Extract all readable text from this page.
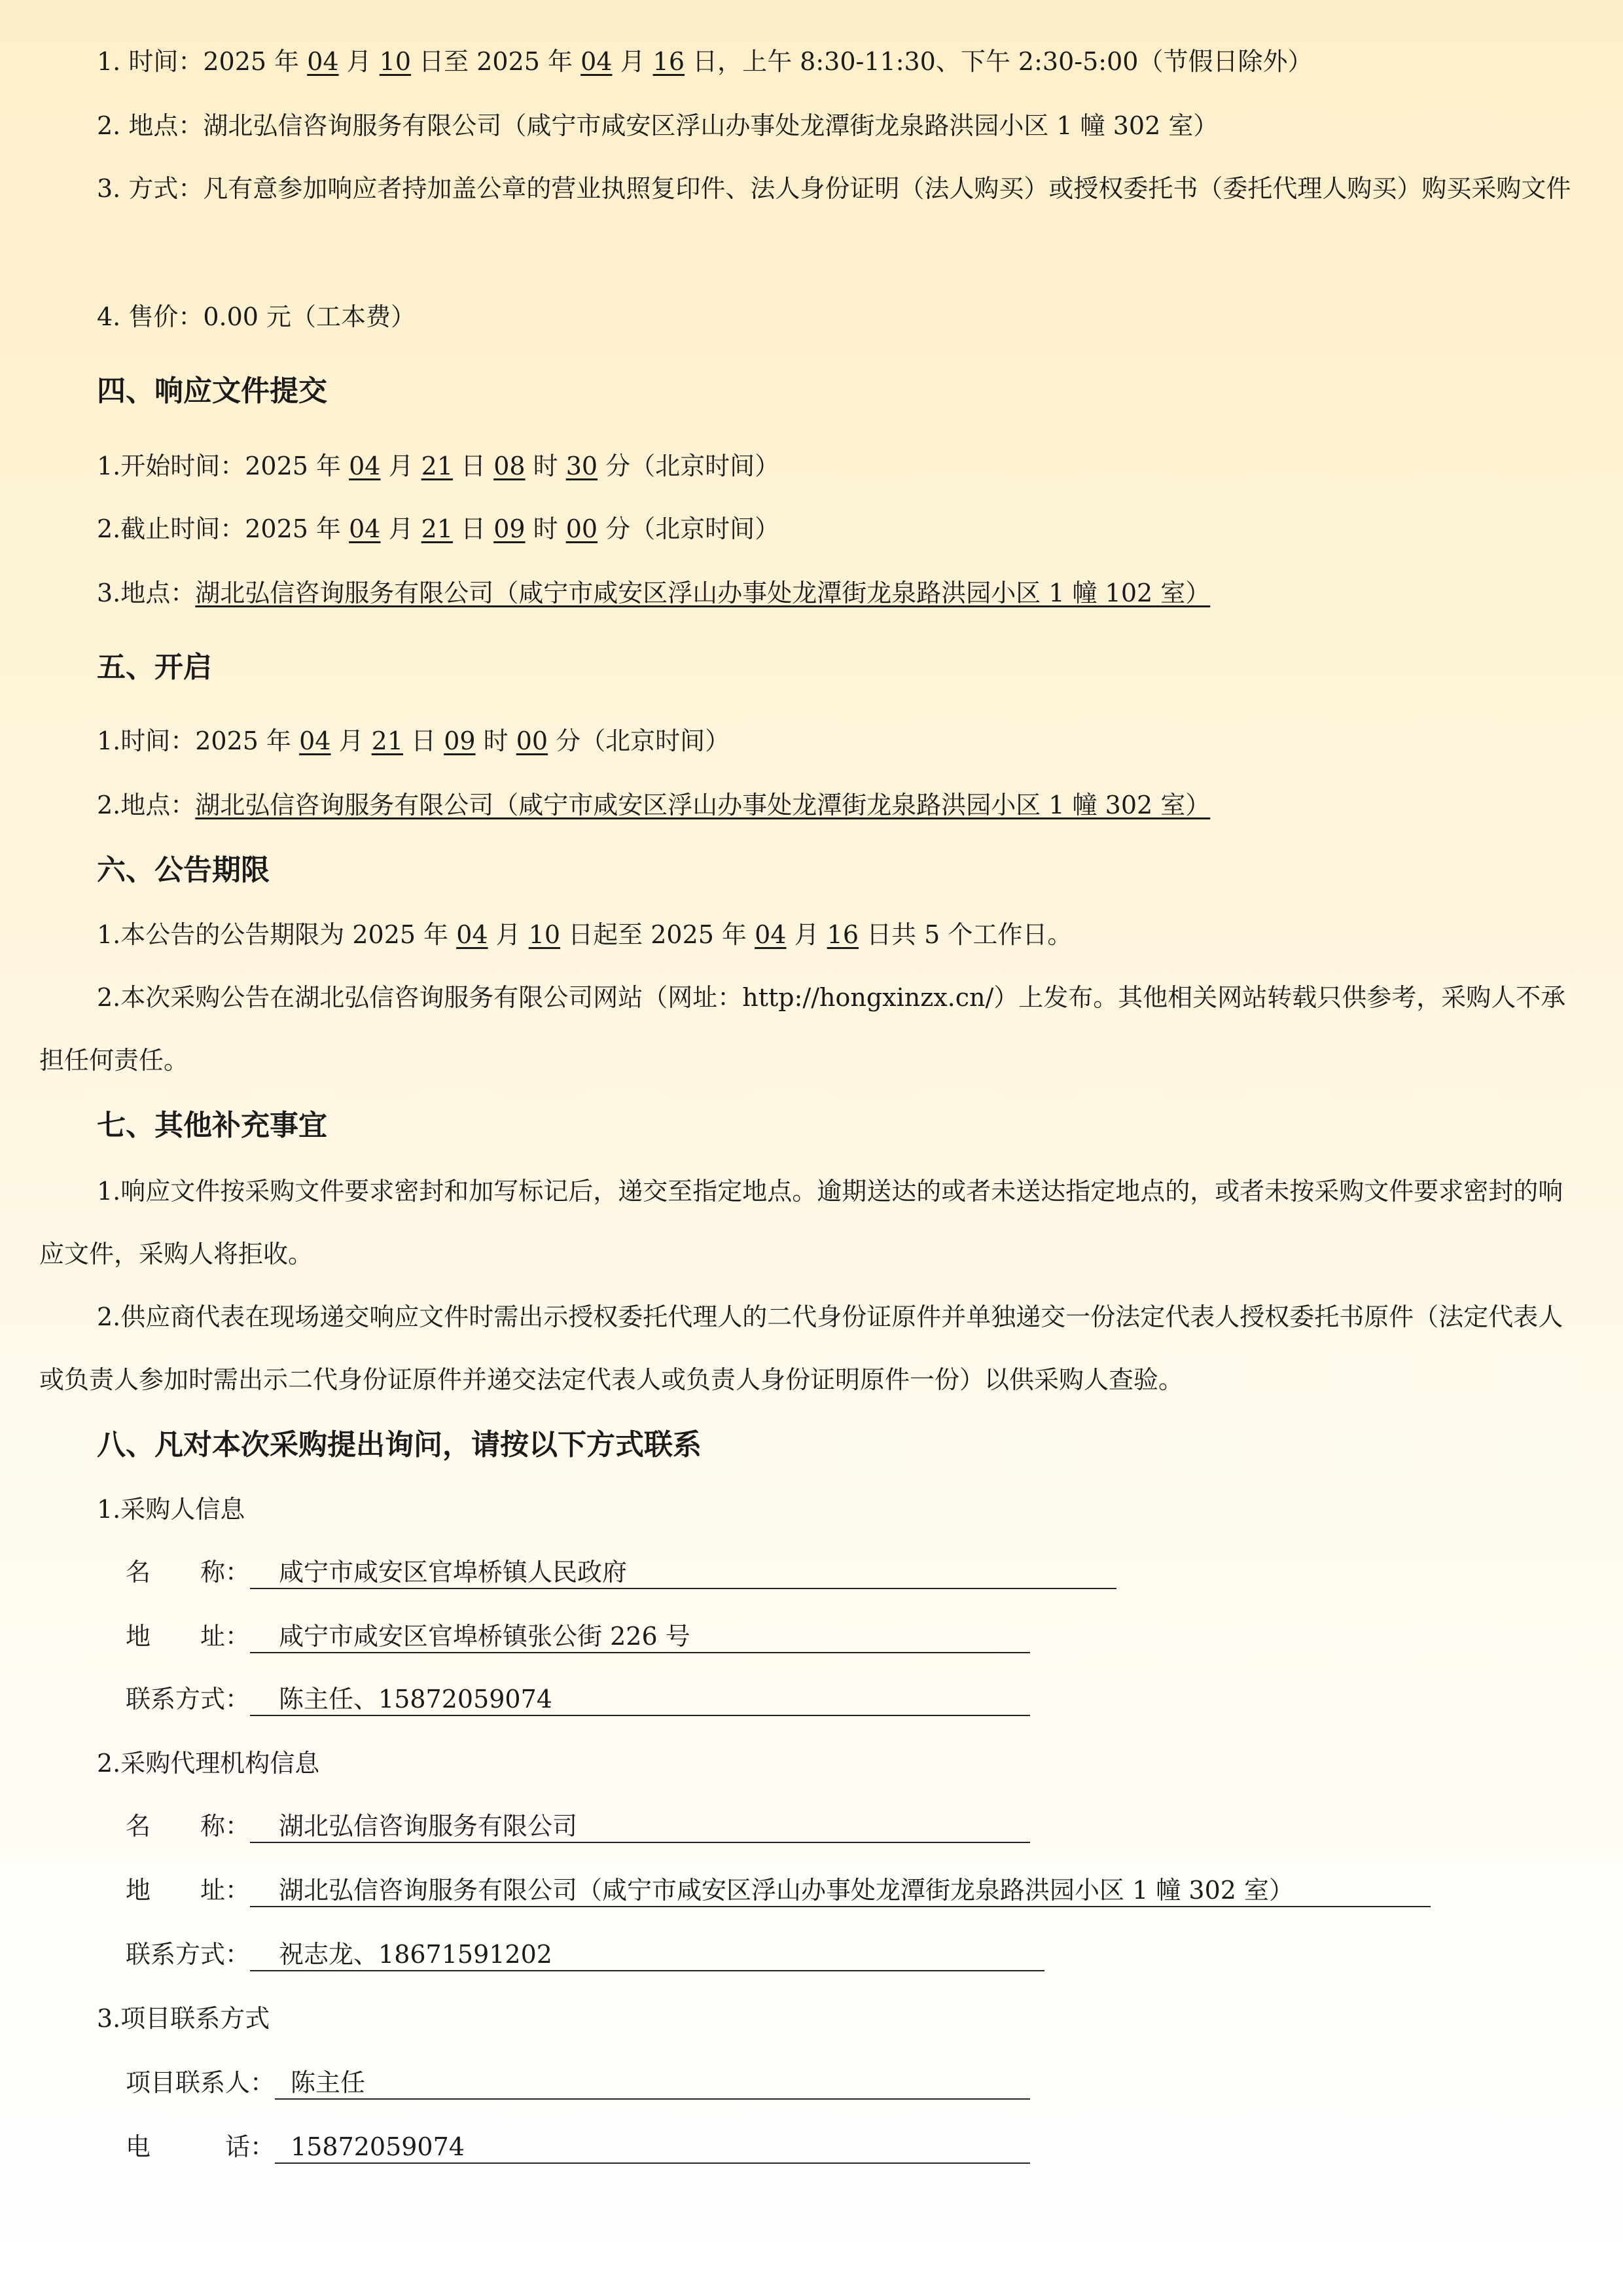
1. 时间：2025 年 04 月 10 日至 2025 年 04 月 16 日，上午 8:30-11:30、下午 2:30-5:00（节假日除外）
2. 地点：湖北弘信咨询服务有限公司（咸宁市咸安区浮山办事处龙潭街龙泉路洪园小区 1 幢 302 室）
3. 方式：凡有意参加响应者持加盖公章的营业执照复印件、法人身份证明（法人购买）或授权委托书（委托代理人购买）购买采购文件
4. 售价：0.00 元（工本费）
四、响应文件提交
1.开始时间：2025 年 04 月 21 日 08 时 30 分（北京时间）
2.截止时间：2025 年 04 月 21 日 09 时 00 分（北京时间）
3.地点：湖北弘信咨询服务有限公司（咸宁市咸安区浮山办事处龙潭街龙泉路洪园小区 1 幢 102 室）
五、开启
1.时间：2025 年 04 月 21 日 09 时 00 分（北京时间）
2.地点：湖北弘信咨询服务有限公司（咸宁市咸安区浮山办事处龙潭街龙泉路洪园小区 1 幢 302 室）
六、公告期限
1.本公告的公告期限为 2025 年 04 月 10 日起至 2025 年 04 月 16 日共 5 个工作日。
2.本次采购公告在湖北弘信咨询服务有限公司网站（网址：http://hongxinzx.cn/）上发布。其他相关网站转载只供参考，采购人不承担任何责任。
七、其他补充事宜
1.响应文件按采购文件要求密封和加写标记后，递交至指定地点。逾期送达的或者未送达指定地点的，或者未按采购文件要求密封的响应文件，采购人将拒收。
2.供应商代表在现场递交响应文件时需出示授权委托代理人的二代身份证原件并单独递交一份法定代表人授权委托书原件（法定代表人或负责人参加时需出示二代身份证原件并递交法定代表人或负责人身份证明原件一份）以供采购人查验。
八、凡对本次采购提出询问，请按以下方式联系
1.采购人信息
名　　称： 咸宁市咸安区官埠桥镇人民政府
地　　址： 咸宁市咸安区官埠桥镇张公街 226 号
联系方式： 陈主任、15872059074
2.采购代理机构信息
名　　称： 湖北弘信咨询服务有限公司
地　　址： 湖北弘信咨询服务有限公司（咸宁市咸安区浮山办事处龙潭街龙泉路洪园小区 1 幢 302 室）
联系方式： 祝志龙、18671591202
3.项目联系方式
项目联系人： 陈主任
电　　　话： 15872059074
